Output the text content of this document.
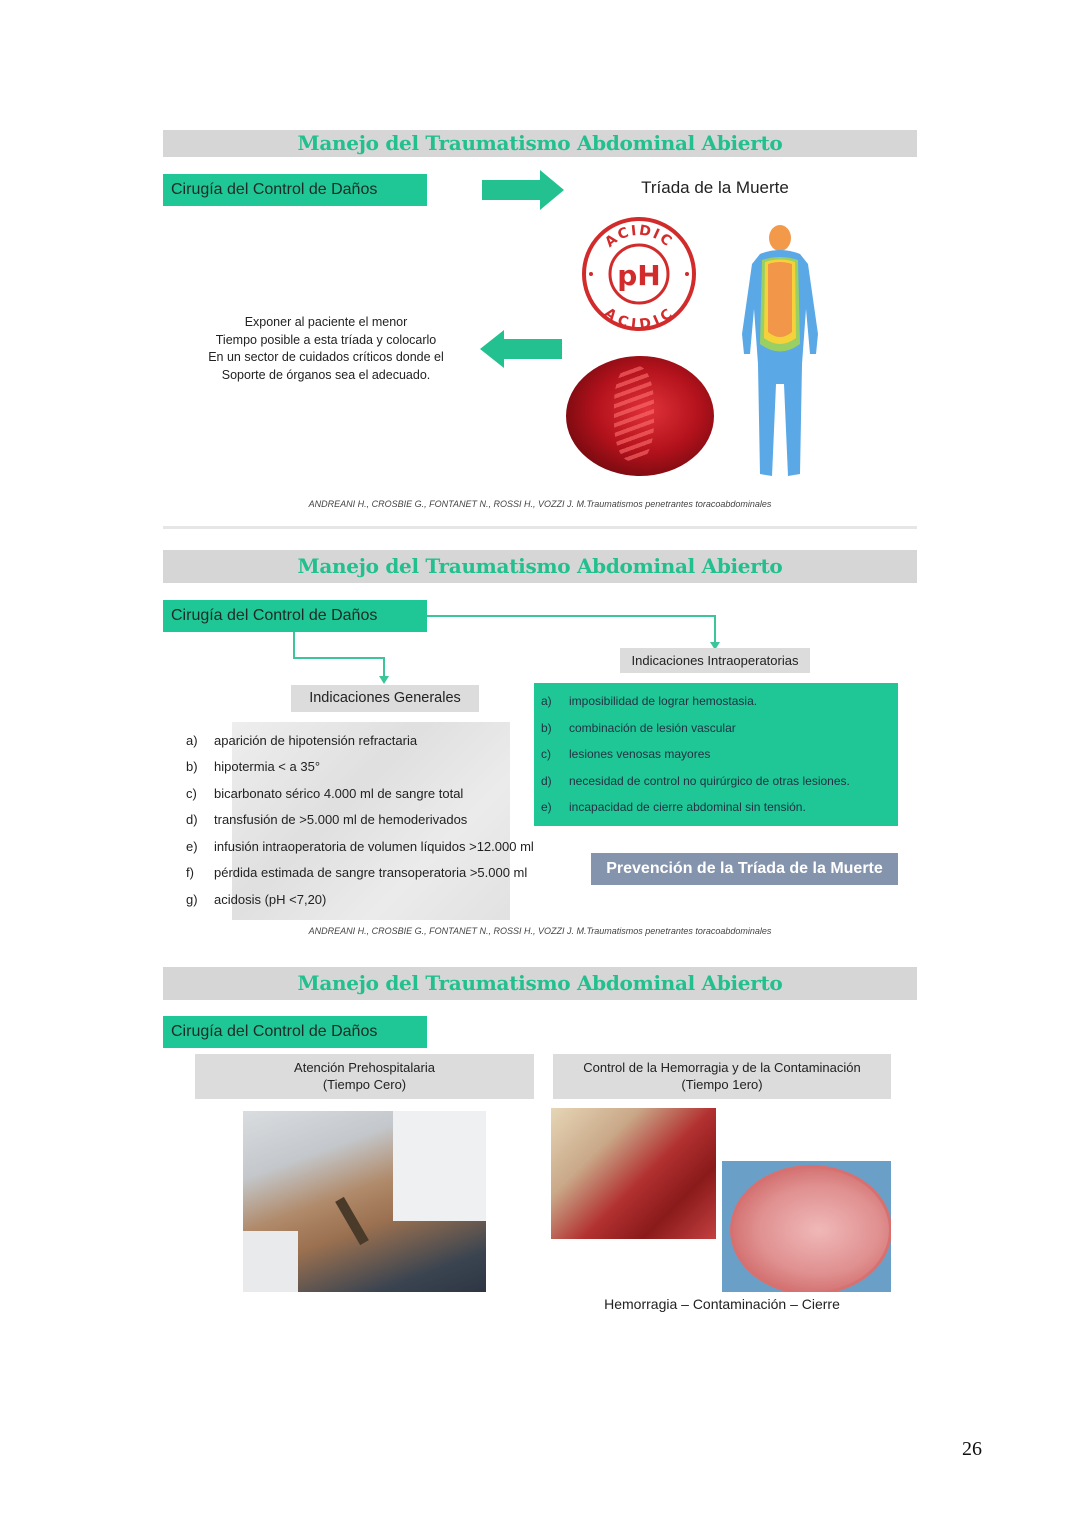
Manejo del Traumatismo Abdominal Abierto
Cirugía del Control de Daños	Tríada de la Muerte
pH
ACIDIC
ACIDIC
Exponer al paciente el menor
Tiempo posible a esta tríada y colocarlo
En un sector de cuidados críticos donde el
Soporte de órganos sea el adecuado.
ANDREANI H., CROSBIE G., FONTANET N., ROSSI H., VOZZI J. M.Traumatismos penetrantes toracoabdominales
Manejo del Traumatismo Abdominal Abierto
Cirugía del Control de Daños
Indicaciones Intraoperatorias
Indicaciones Generales
a)	aparición de hipotensión refractaria
b)	hipotermia < a 35°
c)	bicarbonato sérico 4.000 ml de sangre total
d)	transfusión de >5.000 ml de hemoderivados
e)	infusión intraoperatoria de volumen líquidos >12.000 ml
f)	pérdida estimada de sangre transoperatoria >5.000 ml
g)	acidosis (pH <7,20)
a)	imposibilidad de lograr hemostasia.
b)	combinación de lesión vascular
c)	lesiones venosas mayores
d)	necesidad de control no quirúrgico de otras lesiones.
e)	incapacidad de cierre abdominal sin tensión.
Prevención de la Tríada de la Muerte
ANDREANI H., CROSBIE G., FONTANET N., ROSSI H., VOZZI J. M.Traumatismos penetrantes toracoabdominales
Manejo del Traumatismo Abdominal Abierto
Cirugía del Control de Daños
Atención Prehospitalaria
(Tiempo Cero)
Control de la Hemorragia y de la Contaminación
(Tiempo 1ero)
Hemorragia – Contaminación – Cierre
26
